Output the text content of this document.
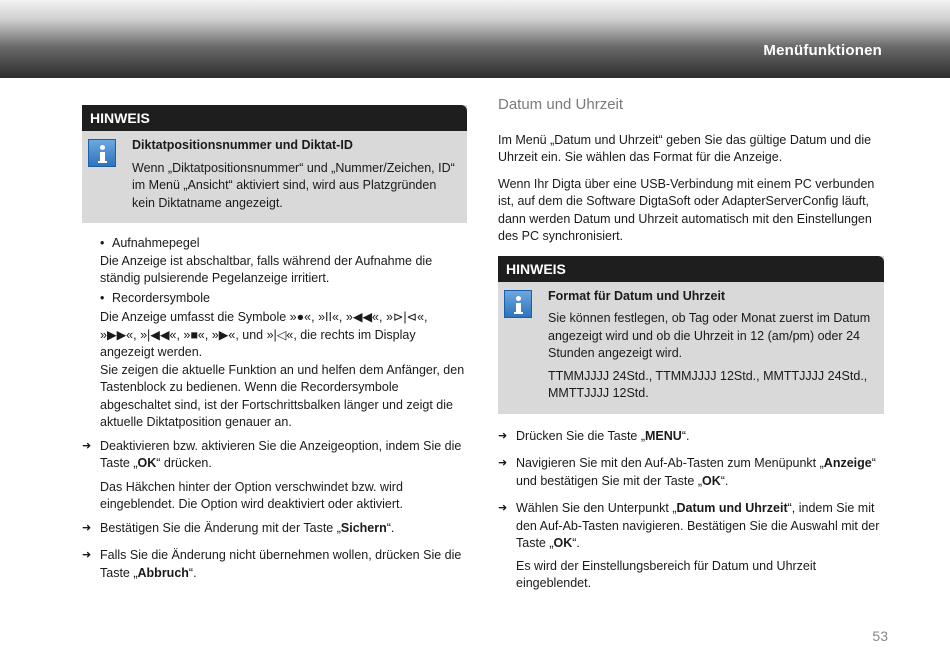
Menüfunktionen
HINWEIS
Diktatpositionsnummer und Diktat-ID

Wenn „Diktatpositionsnummer“ und „Nummer/Zeichen, ID“ im Menü „Ansicht“ aktiviert sind, wird aus Platzgründen kein Diktatname angezeigt.

• Aufnahmepegel

Die Anzeige ist abschaltbar, falls während der Aufnahme die ständig pulsierende Pegelanzeige irritiert.

• Recordersymbole

Die Anzeige umfasst die Symbole »●«, »II«, »◀◀«, »⊳|⊲«, »▶▶«, »|◀◀«, »■«, »▶«, und »|◁«, die rechts im Display angezeigt werden.

Sie zeigen die aktuelle Funktion an und helfen dem Anfänger, den Tastenblock zu bedienen. Wenn die Recordersymbole abgeschaltet sind, ist der Fortschrittsbalken länger und zeigt die aktuelle Diktatposition genauer an.

➜ Deaktivieren bzw. aktivieren Sie die Anzeigeoption, indem Sie die Taste „OK“ drücken.

Das Häkchen hinter der Option verschwindet bzw. wird eingeblendet. Die Option wird deaktiviert oder aktiviert.

➜ Bestätigen Sie die Änderung mit der Taste „Sichern“.

➜ Falls Sie die Änderung nicht übernehmen wollen, drücken Sie die Taste „Abbruch“.

Datum und Uhrzeit

Im Menü „Datum und Uhrzeit“ geben Sie das gültige Datum und die Uhrzeit ein. Sie wählen das Format für die Anzeige.

Wenn Ihr Digta über eine USB-Verbindung mit einem PC verbunden ist, auf dem die Software DigtaSoft oder AdapterServerConfig läuft, dann werden Datum und Uhrzeit automatisch mit den Einstellungen des PC synchronisiert.

HINWEIS
Format für Datum und Uhrzeit

Sie können festlegen, ob Tag oder Monat zuerst im Datum angezeigt wird und ob die Uhrzeit in 12 (am/pm) oder 24 Stunden angezeigt wird.

TTMMJJJJ 24Std., TTMMJJJJ 12Std., MMTTJJJJ 24Std., MMTTJJJJ 12Std.

➜ Drücken Sie die Taste „MENU“.

➜ Navigieren Sie mit den Auf-Ab-Tasten zum Menüpunkt „Anzeige“ und bestätigen Sie mit der Taste „OK“.

➜ Wählen Sie den Unterpunkt „Datum und Uhrzeit“, indem Sie mit den Auf-Ab-Tasten navigieren. Bestätigen Sie die Auswahl mit der Taste „OK“.

Es wird der Einstellungsbereich für Datum und Uhrzeit eingeblendet.

53
